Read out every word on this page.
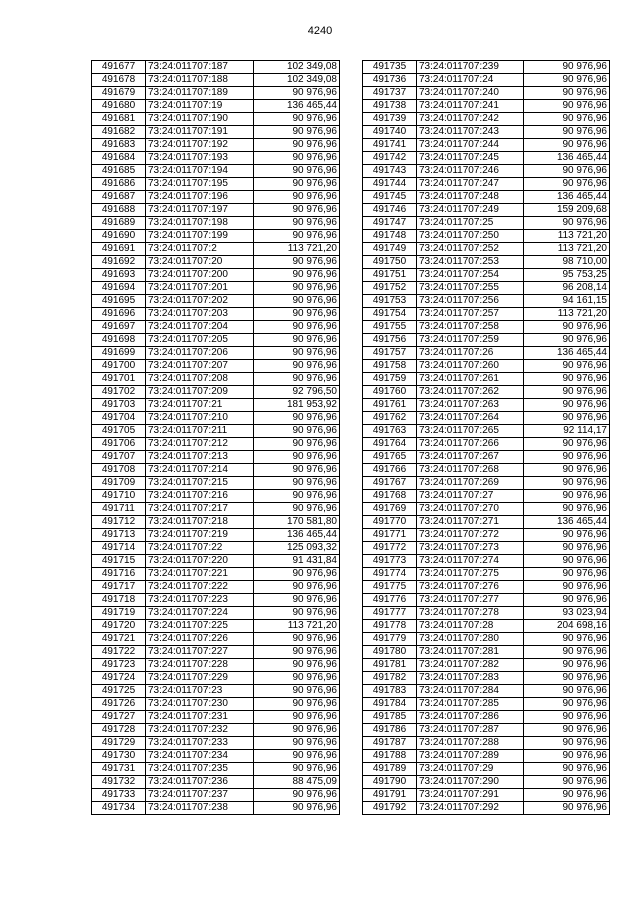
4240
491677	73:24:011707:187	102 349,08
491678	73:24:011707:188	102 349,08
491679	73:24:011707:189	90 976,96
491680	73:24:011707:19	136 465,44
491681	73:24:011707:190	90 976,96
491682	73:24:011707:191	90 976,96
491683	73:24:011707:192	90 976,96
491684	73:24:011707:193	90 976,96
491685	73:24:011707:194	90 976,96
491686	73:24:011707:195	90 976,96
491687	73:24:011707:196	90 976,96
491688	73:24:011707:197	90 976,96
491689	73:24:011707:198	90 976,96
491690	73:24:011707:199	90 976,96
491691	73:24:011707:2	113 721,20
491692	73:24:011707:20	90 976,96
491693	73:24:011707:200	90 976,96
491694	73:24:011707:201	90 976,96
491695	73:24:011707:202	90 976,96
491696	73:24:011707:203	90 976,96
491697	73:24:011707:204	90 976,96
491698	73:24:011707:205	90 976,96
491699	73:24:011707:206	90 976,96
491700	73:24:011707:207	90 976,96
491701	73:24:011707:208	90 976,96
491702	73:24:011707:209	92 796,50
491703	73:24:011707:21	181 953,92
491704	73:24:011707:210	90 976,96
491705	73:24:011707:211	90 976,96
491706	73:24:011707:212	90 976,96
491707	73:24:011707:213	90 976,96
491708	73:24:011707:214	90 976,96
491709	73:24:011707:215	90 976,96
491710	73:24:011707:216	90 976,96
491711	73:24:011707:217	90 976,96
491712	73:24:011707:218	170 581,80
491713	73:24:011707:219	136 465,44
491714	73:24:011707:22	125 093,32
491715	73:24:011707:220	91 431,84
491716	73:24:011707:221	90 976,96
491717	73:24:011707:222	90 976,96
491718	73:24:011707:223	90 976,96
491719	73:24:011707:224	90 976,96
491720	73:24:011707:225	113 721,20
491721	73:24:011707:226	90 976,96
491722	73:24:011707:227	90 976,96
491723	73:24:011707:228	90 976,96
491724	73:24:011707:229	90 976,96
491725	73:24:011707:23	90 976,96
491726	73:24:011707:230	90 976,96
491727	73:24:011707:231	90 976,96
491728	73:24:011707:232	90 976,96
491729	73:24:011707:233	90 976,96
491730	73:24:011707:234	90 976,96
491731	73:24:011707:235	90 976,96
491732	73:24:011707:236	88 475,09
491733	73:24:011707:237	90 976,96
491734	73:24:011707:238	90 976,96
491735	73:24:011707:239	90 976,96
491736	73:24:011707:24	90 976,96
491737	73:24:011707:240	90 976,96
491738	73:24:011707:241	90 976,96
491739	73:24:011707:242	90 976,96
491740	73:24:011707:243	90 976,96
491741	73:24:011707:244	90 976,96
491742	73:24:011707:245	136 465,44
491743	73:24:011707:246	90 976,96
491744	73:24:011707:247	90 976,96
491745	73:24:011707:248	136 465,44
491746	73:24:011707:249	159 209,68
491747	73:24:011707:25	90 976,96
491748	73:24:011707:250	113 721,20
491749	73:24:011707:252	113 721,20
491750	73:24:011707:253	98 710,00
491751	73:24:011707:254	95 753,25
491752	73:24:011707:255	96 208,14
491753	73:24:011707:256	94 161,15
491754	73:24:011707:257	113 721,20
491755	73:24:011707:258	90 976,96
491756	73:24:011707:259	90 976,96
491757	73:24:011707:26	136 465,44
491758	73:24:011707:260	90 976,96
491759	73:24:011707:261	90 976,96
491760	73:24:011707:262	90 976,96
491761	73:24:011707:263	90 976,96
491762	73:24:011707:264	90 976,96
491763	73:24:011707:265	92 114,17
491764	73:24:011707:266	90 976,96
491765	73:24:011707:267	90 976,96
491766	73:24:011707:268	90 976,96
491767	73:24:011707:269	90 976,96
491768	73:24:011707:27	90 976,96
491769	73:24:011707:270	90 976,96
491770	73:24:011707:271	136 465,44
491771	73:24:011707:272	90 976,96
491772	73:24:011707:273	90 976,96
491773	73:24:011707:274	90 976,96
491774	73:24:011707:275	90 976,96
491775	73:24:011707:276	90 976,96
491776	73:24:011707:277	90 976,96
491777	73:24:011707:278	93 023,94
491778	73:24:011707:28	204 698,16
491779	73:24:011707:280	90 976,96
491780	73:24:011707:281	90 976,96
491781	73:24:011707:282	90 976,96
491782	73:24:011707:283	90 976,96
491783	73:24:011707:284	90 976,96
491784	73:24:011707:285	90 976,96
491785	73:24:011707:286	90 976,96
491786	73:24:011707:287	90 976,96
491787	73:24:011707:288	90 976,96
491788	73:24:011707:289	90 976,96
491789	73:24:011707:29	90 976,96
491790	73:24:011707:290	90 976,96
491791	73:24:011707:291	90 976,96
491792	73:24:011707:292	90 976,96
